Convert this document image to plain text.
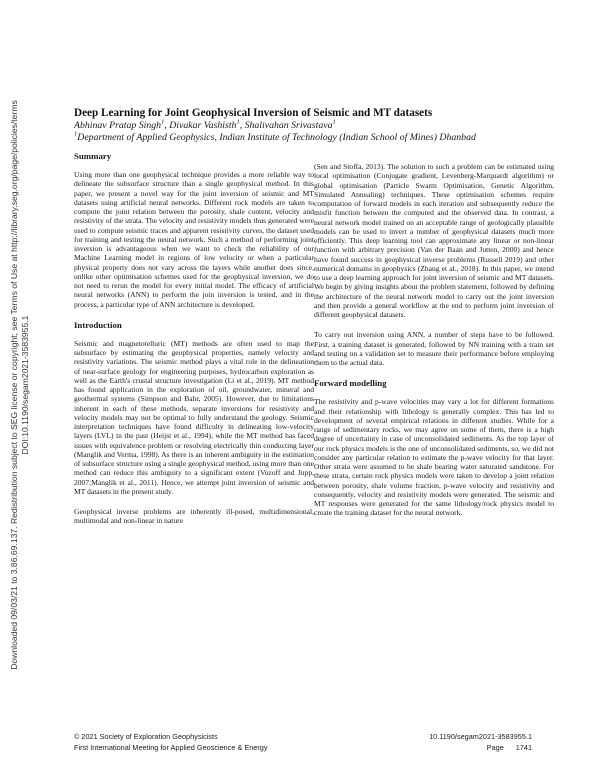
Downloaded 09/03/21 to 3.86.69.137. Redistribution subject to SEG license or copyright; see Terms of Use at http://library.seg.org/page/policies/terms DOI:10.1190/segam2021-3583955.1
Deep Learning for Joint Geophysical Inversion of Seismic and MT datasets
Abhinav Pratap Singh$^1$, Divakar Vashisth$^1$, Shalivahan Srivastava$^1$
$^1$Department of Applied Geophysics, Indian Institute of Technology (Indian School of Mines) Dhanbad
Summary

Using more than one geophysical technique provides a more reliable way to delineate the subsurface structure than a single geophysical method. In this paper, we present a novel way for the joint inversion of seismic and MT datasets using artificial neural networks. Different rock models are taken to compute the joint relation between the porosity, shale content, velocity and resistivity of the strata. The velocity and resistivity models thus generated were used to compute seismic traces and apparent resistivity curves, the dataset used for training and testing the neural network. Such a method of performing joint inversion is advantageous when we want to check the reliability of our Machine Learning model in regions of low velocity or when a particular physical property does not vary across the layers while another does since, unlike other optimisation schemes used for the geophysical inversion, we do not need to rerun the model for every initial model. The efficacy of artificial neural networks (ANN) to perform the join inversion is tested, and in the process, a particular type of ANN architecture is developed.

Introduction

Seismic and magnetotelluric (MT) methods are often used to map the subsurface by estimating the geophysical properties, namely velocity and resistivity variations. The seismic method plays a vital role in the delineation of near-surface geology for engineering purposes, hydrocarbon exploration as well as the Earth's crustal structure investigation (Li et al., 2019). MT method has found application in the exploration of oil, groundwater, mineral and geothermal systems (Simpson and Bahr, 2005). However, due to limitations inherent in each of these methods, separate inversions for resistivity and velocity models may not be optimal to fully understand the geology. Seismic interpretation techniques have found difficulty in delineating low-velocity layers (LVL) in the past (Heijst et al., 1994), while the MT method has faced issues with equivalence problem or resolving electrically thin conducting layer (Manglik and Verma, 1998). As there is an inherent ambiguity in the estimation of subsurface structure using a single geophysical method, using more than one method can reduce this ambiguity to a significant extent (Vozoff and Jupp, 2007;Manglik et al., 2011). Hence, we attempt joint inversion of seismic and MT datasets in the present study.

Geophysical inverse problems are inherently ill-posed, multidimensional, multimodal and non-linear in nature

(Sen and Stoffa, 2013). The solution to such a problem can be estimated using local optimisation (Conjugate gradient, Levenberg-Marquardt algorithm) or global optimisation (Particle Swarm Optimisation, Genetic Algorithm, Simulated Annealing) techniques. These optimisation schemes require computation of forward models in each iteration and subsequently reduce the misfit function between the computed and the observed data. In contrast, a neural network model trained on an acceptable range of geologically plausible models can be used to invert a number of geophysical datasets much more efficiently. This deep learning tool can approximate any linear or non-linear function with arbitrary precision (Van der Baan and Jutten, 2000) and hence have found success in geophysical inverse problems (Russell 2019) and other numerical domains in geophysics (Zhang et al., 2018). In this paper, we intend to use a deep learning approach for joint inversion of seismic and MT datasets. We begin by giving insights about the problem statement, followed by defining the architecture of the neural network model to carry out the joint inversion and then provide a general workflow at the end to perform joint inversion of different geophysical datasets.

To carry out inversion using ANN, a number of steps have to be followed. First, a training dataset is generated, followed by NN training with a train set and testing on a validation set to measure their performance before employing them to the actual data.

Forward modelling

The resistivity and p-wave velocities may vary a lot for different formations and their relationship with lithology is generally complex. This has led to development of several empirical relations in different studies. While for a range of sedimentary rocks, we may agree on some of them, there is a high degree of uncertainty in case of unconsolidated sediments. As the top layer of our rock physics models is the one of unconsolidated sediments, so, we did not consider any particular relation to estimate the p-wave velocity for that layer. Other strata were assumed to be shale bearing water saturated sandstone. For these strata, certain rock physics models were taken to develop a joint relation between porosity, shale volume fraction, p-wave velocity and resistivity and consequently, velocity and resistivity models were generated. The seismic and MT responses were generated for the same lithology/rock physics model to create the training dataset for the neural network.

© 2021 Society of Exploration Geophysicists
First International Meeting for Applied Geoscience & Energy
10.1190/segam2021-3583955.1
Page 1741
